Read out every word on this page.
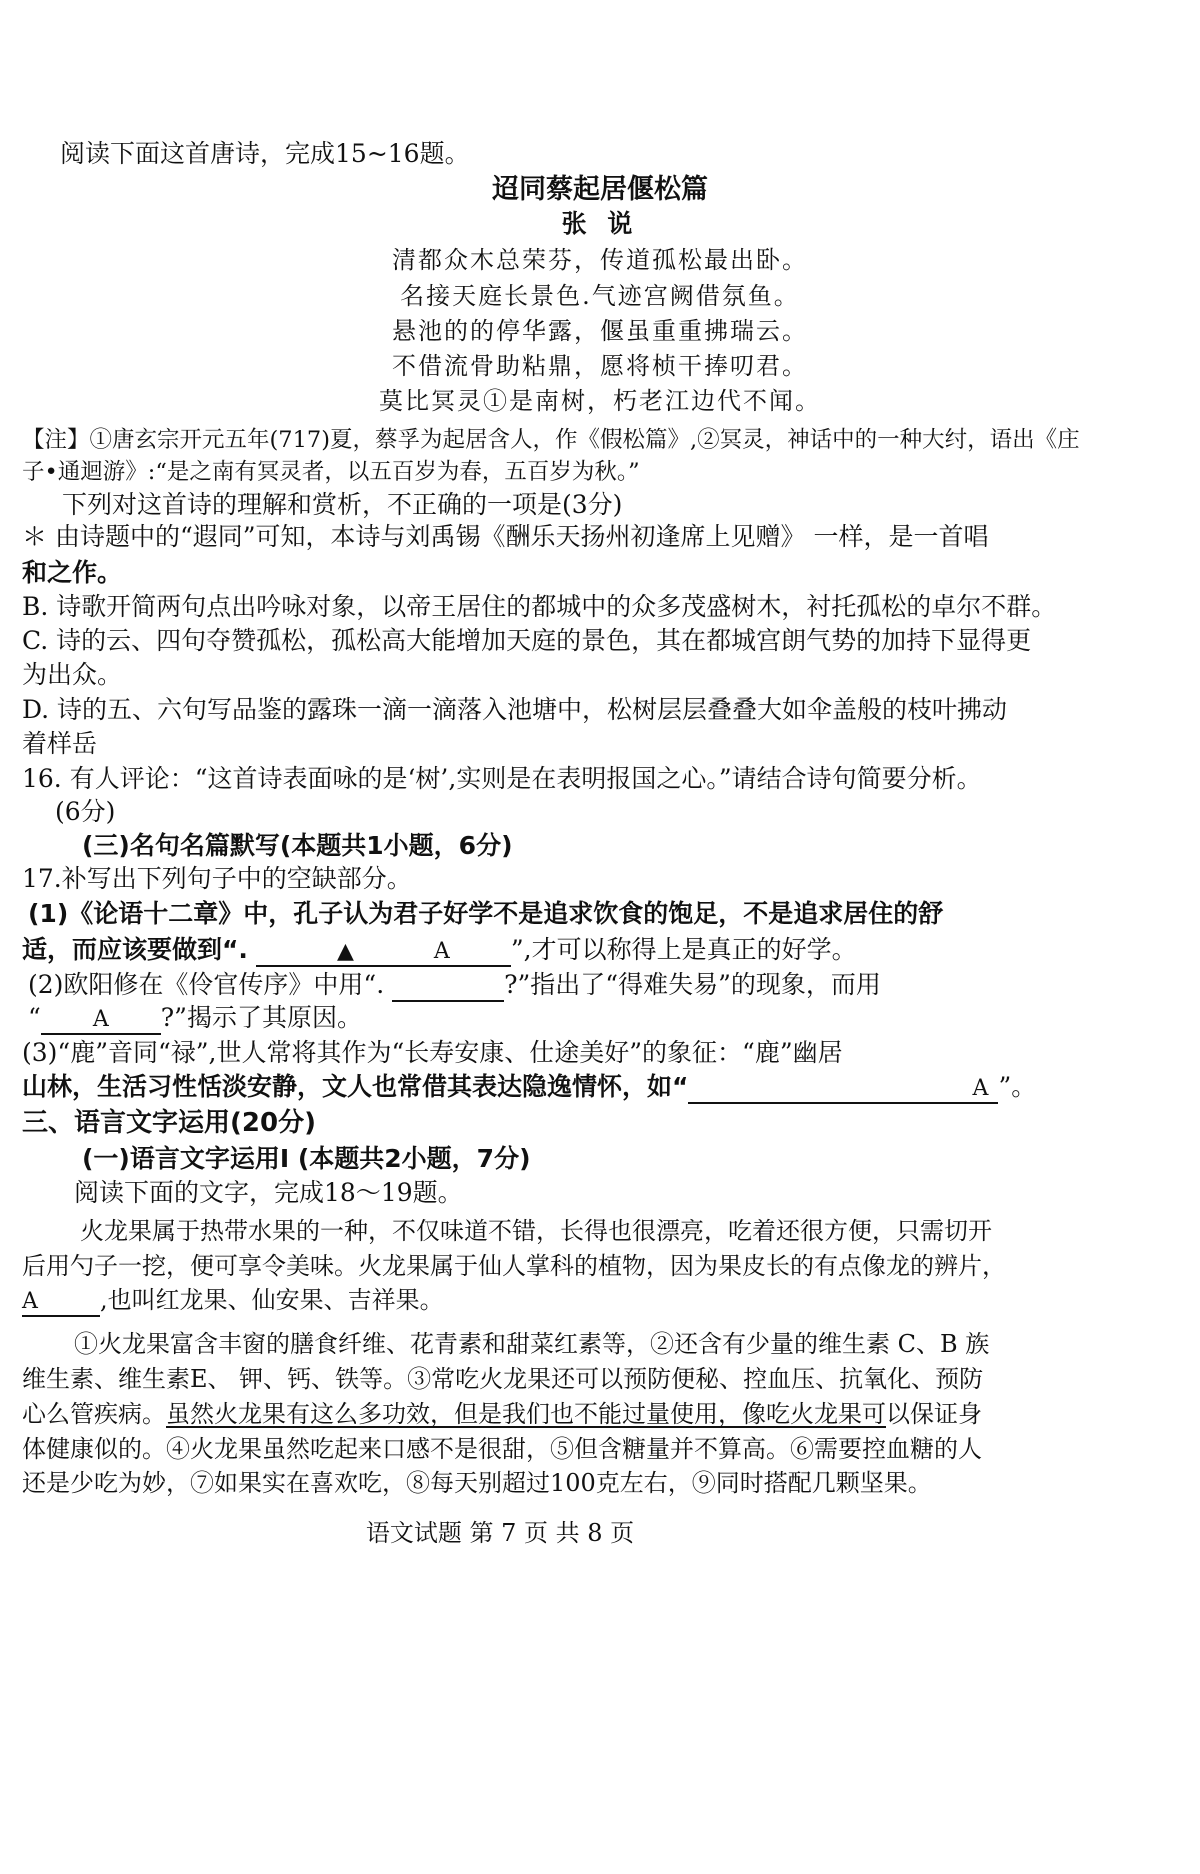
阅读下面这首唐诗，完成15~16题。
迢同蔡起居偃松篇
张 说
清都众木总荣芬，传道孤松最出卧。
名接天庭长景色.气迹宫阙借氛鱼。
悬池的的停华露，偃虽重重拂瑞云。
不借流骨助粘鼎，愿将桢干捧叨君。
莫比冥灵①是南树，朽老江边代不闻。
【注】①唐玄宗开元五年(717)夏，蔡孚为起居含人，作《假松篇》,②冥灵，神话中的一种大纣，语出《庄
子•通迴游》:“是之南有冥灵者，以五百岁为春，五百岁为秋。”
下列对这首诗的理解和赏析，不正确的一项是(3分)
＊ 由诗题中的“遐同”可知，本诗与刘禹锡《酬乐天扬州初逢席上见赠》 一样，是一首唱
和之作。
B. 诗歌开简两句点出吟咏对象，以帝王居住的都城中的众多茂盛树木，衬托孤松的卓尔不群。
C. 诗的云、四句夺赞孤松，孤松高大能增加天庭的景色，其在都城宫朗气势的加持下显得更
为出众。
D. 诗的五、六句写品鉴的露珠一滴一滴落入池塘中，松树层层叠叠大如伞盖般的枝叶拂动
着样岳
16. 有人评论：“这首诗表面咏的是‘树’,实则是在表明报国之心。”请结合诗句简要分析。
(6分)
(三)名句名篇默写(本题共1小题，6分)
17.补写出下列句子中的空缺部分。
(1)《论语十二章》中，孔子认为君子好学不是追求饮食的饱足，不是追求居住的舒
适，而应该要做到“.	▲	A ”,才可以称得上是真正的好学。
(2)欧阳修在《伶官传序》中用“.	?”指出了“得难失易”的现象，而用
“ A ?”揭示了其原因。
(3)“鹿”音同“禄”,世人常将其作为“长寿安康、仕途美好”的象征：“鹿”幽居
山林，生活习性恬淡安静，文人也常借其表达隐逸情怀，如“	A ”。
三、语言文字运用(20分)
(一)语言文字运用I (本题共2小题，7分)
阅读下面的文字，完成18～19题。
火龙果属于热带水果的一种，不仅味道不错，长得也很漂亮，吃着还很方便，只需切开
后用勺子一挖，便可享令美味。火龙果属于仙人掌科的植物，因为果皮长的有点像龙的辨片，
A	,也叫红龙果、仙安果、吉祥果。
①火龙果富含丰窗的膳食纤维、花青素和甜菜红素等，②还含有少量的维生素 C、B 族
维生素、维生素E、 钾、钙、铁等。③常吃火龙果还可以预防便秘、控血压、抗氧化、预防
心么管疾病。虽然火龙果有这么多功效，但是我们也不能过量使用，像吃火龙果可以保证身
体健康似的。④火龙果虽然吃起来口感不是很甜，⑤但含糖量并不算高。⑥需要控血糖的人
还是少吃为妙，⑦如果实在喜欢吃，⑧每天别超过100克左右，⑨同时搭配几颗坚果。
语文试题 第 7 页 共 8 页
